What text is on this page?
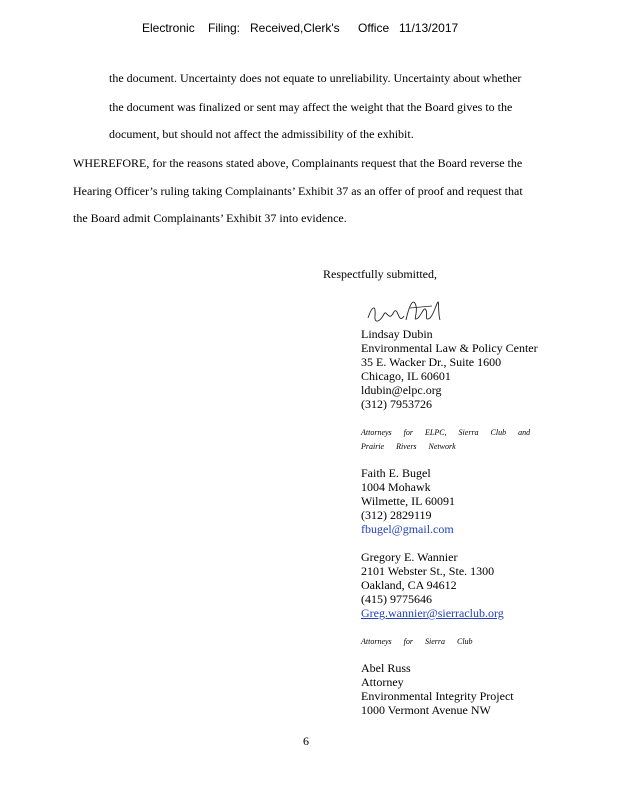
Electronic Filing: Received,Clerk's Office 11/13/2017
the document. Uncertainty does not equate to unreliability. Uncertainty about whether
the document was finalized or sent may affect the weight that the Board gives to the
document, but should not affect the admissibility of the exhibit.
WHEREFORE, for the reasons stated above, Complainants request that the Board reverse the
Hearing Officer’s ruling taking Complainants’ Exhibit 37 as an offer of proof and request that
the Board admit Complainants’ Exhibit 37 into evidence.
Respectfully submitted,
Lindsay Dubin
Environmental Law & Policy Center
35 E. Wacker Dr., Suite 1600
Chicago, IL 60601
ldubin@elpc.org
(312) 7953726
Attorneys for ELPC, Sierra Club and
Prairie Rivers Network
Faith E. Bugel
1004 Mohawk
Wilmette, IL 60091
(312) 2829119
fbugel@gmail.com
Gregory E. Wannier
2101 Webster St., Ste. 1300
Oakland, CA 94612
(415) 9775646
Greg.wannier@sierraclub.org
Attorneys for Sierra Club
Abel Russ
Attorney
Environmental Integrity Project
1000 Vermont Avenue NW
6
